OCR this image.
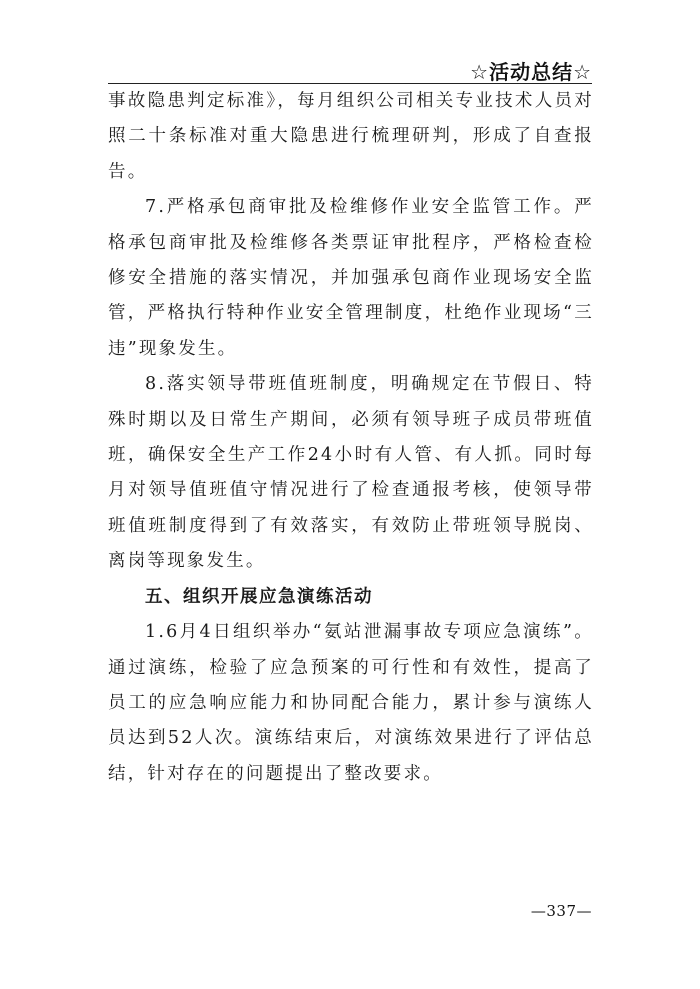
☆活动总结☆

事故隐患判定标准》，每月组织公司相关专业技术人员对照二十条标准对重大隐患进行梳理研判，形成了自查报告。

7.严格承包商审批及检维修作业安全监管工作。严格承包商审批及检维修各类票证审批程序，严格检查检修安全措施的落实情况，并加强承包商作业现场安全监管，严格执行特种作业安全管理制度，杜绝作业现场“三违”现象发生。

8.落实领导带班值班制度，明确规定在节假日、特殊时期以及日常生产期间，必须有领导班子成员带班值班，确保安全生产工作24小时有人管、有人抓。同时每月对领导值班值守情况进行了检查通报考核，使领导带班值班制度得到了有效落实，有效防止带班领导脱岗、离岗等现象发生。

五、组织开展应急演练活动

1.6月4日组织举办“氨站泄漏事故专项应急演练”。通过演练，检验了应急预案的可行性和有效性，提高了员工的应急响应能力和协同配合能力，累计参与演练人员达到52人次。演练结束后，对演练效果进行了评估总结，针对存在的问题提出了整改要求。

—337—
